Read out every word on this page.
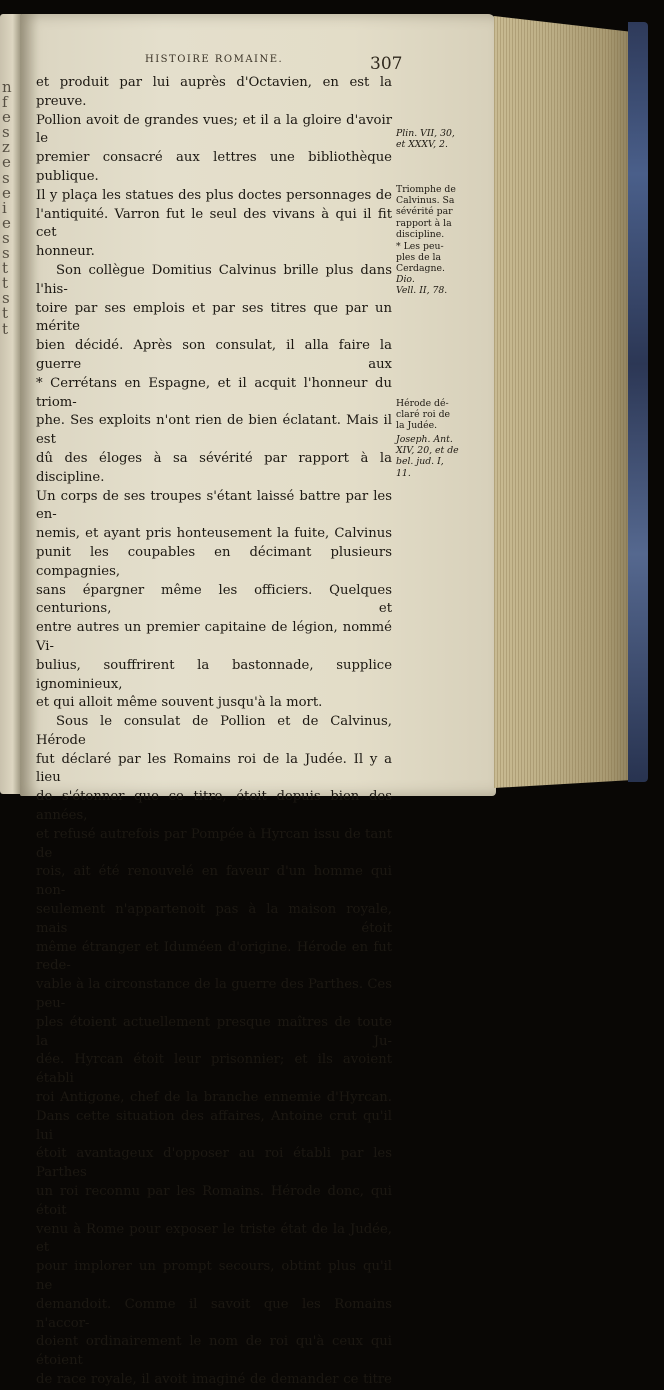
n
f
e
s
z
e
s
e
i
e
s
s
t
t
s
t
t
HISTOIRE ROMAINE.	307

et produit par lui auprès d'Octavien, en est la preuve.

Pollion avoit de grandes vues; et il a la gloire d'avoir le

premier consacré aux lettres une bibliothèque publique.

Il y plaça les statues des plus doctes personnages de

l'antiquité. Varron fut le seul des vivans à qui il fit cet

honneur.

Son collègue Domitius Calvinus brille plus dans l'his-

toire par ses emplois et par ses titres que par un mérite

bien décidé. Après son consulat, il alla faire la guerre aux

* Cerrétans en Espagne, et il acquit l'honneur du triom-

phe. Ses exploits n'ont rien de bien éclatant. Mais il est

dû des éloges à sa sévérité par rapport à la discipline.

Un corps de ses troupes s'étant laissé battre par les en-

nemis, et ayant pris honteusement la fuite, Calvinus

punit les coupables en décimant plusieurs compagnies,

sans épargner même les officiers. Quelques centurions, et

entre autres un premier capitaine de légion, nommé Vi-

bulius, souffrirent la bastonnade, supplice ignominieux,

et qui alloit même souvent jusqu'à la mort.

Sous le consulat de Pollion et de Calvinus, Hérode

fut déclaré par les Romains roi de la Judée. Il y a lieu

de s'étonner que ce titre, étoit depuis bien des années,

et refusé autrefois par Pompée à Hyrcan issu de tant de

rois, ait été renouvelé en faveur d'un homme qui non-

seulement n'appartenoit pas à la maison royale, mais étoit

même étranger et Iduméen d'origine. Hérode en fut rede-

vable à la circonstance de la guerre des Parthes. Ces peu-

ples étoient actuellement presque maîtres de toute la Ju-

dée. Hyrcan étoit leur prisonnier; et ils avoient établi

roi Antigone, chef de la branche ennemie d'Hyrcan.

Dans cette situation des affaires, Antoine crut qu'il lui

étoit avantageux d'opposer au roi établi par les Parthes

un roi reconnu par les Romains. Hérode donc, qui étoit

venu à Rome pour exposer le triste état de la Judée, et

pour implorer un prompt secours, obtint plus qu'il ne

demandoit. Comme il savoit que les Romains n'accor-

doient ordinairement le nom de roi qu'à ceux qui étoient

de race royale, il avoit imaginé de demander ce titre

Plin. VII, 30,
et XXXV, 2.
Triomphe de
Calvinus. Sa
sévérité par
rapport à la
discipline.
* Les peu-
ples de la
Cerdagne.
Dio.
Vell. II, 78.
Hérode dé-
claré roi de
la Judée.
Joseph. Ant.
XIV, 20, et de
bel. jud. I,
11.
